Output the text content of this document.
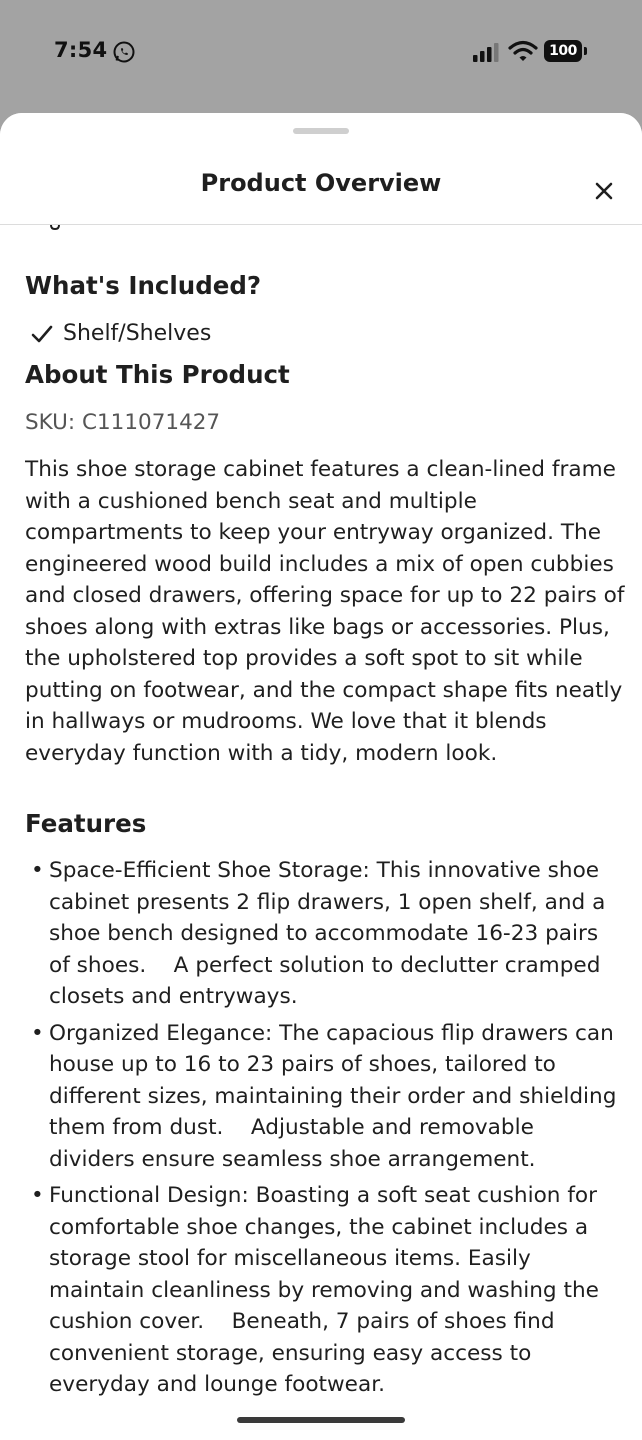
7:54	100
Product Overview
What's Included?
Shelf/Shelves
About This Product
SKU: C111071427

This shoe storage cabinet features a clean-lined frame with a cushioned bench seat and multiple compartments to keep your entryway organized. The engineered wood build includes a mix of open cubbies and closed drawers, offering space for up to 22 pairs of shoes along with extras like bags or accessories. Plus, the upholstered top provides a soft spot to sit while putting on footwear, and the compact shape fits neatly in hallways or mudrooms. We love that it blends everyday function with a tidy, modern look.

Features
• Space-Efficient Shoe Storage: This innovative shoe cabinet presents 2 flip drawers, 1 open shelf, and a shoe bench designed to accommodate 16-23 pairs of shoes.    A perfect solution to declutter cramped closets and entryways.
• Organized Elegance: The capacious flip drawers can house up to 16 to 23 pairs of shoes, tailored to different sizes, maintaining their order and shielding them from dust.    Adjustable and removable dividers ensure seamless shoe arrangement.
• Functional Design: Boasting a soft seat cushion for comfortable shoe changes, the cabinet includes a storage stool for miscellaneous items. Easily maintain cleanliness by removing and washing the cushion cover.    Beneath, 7 pairs of shoes find convenient storage, ensuring easy access to everyday and lounge footwear.
